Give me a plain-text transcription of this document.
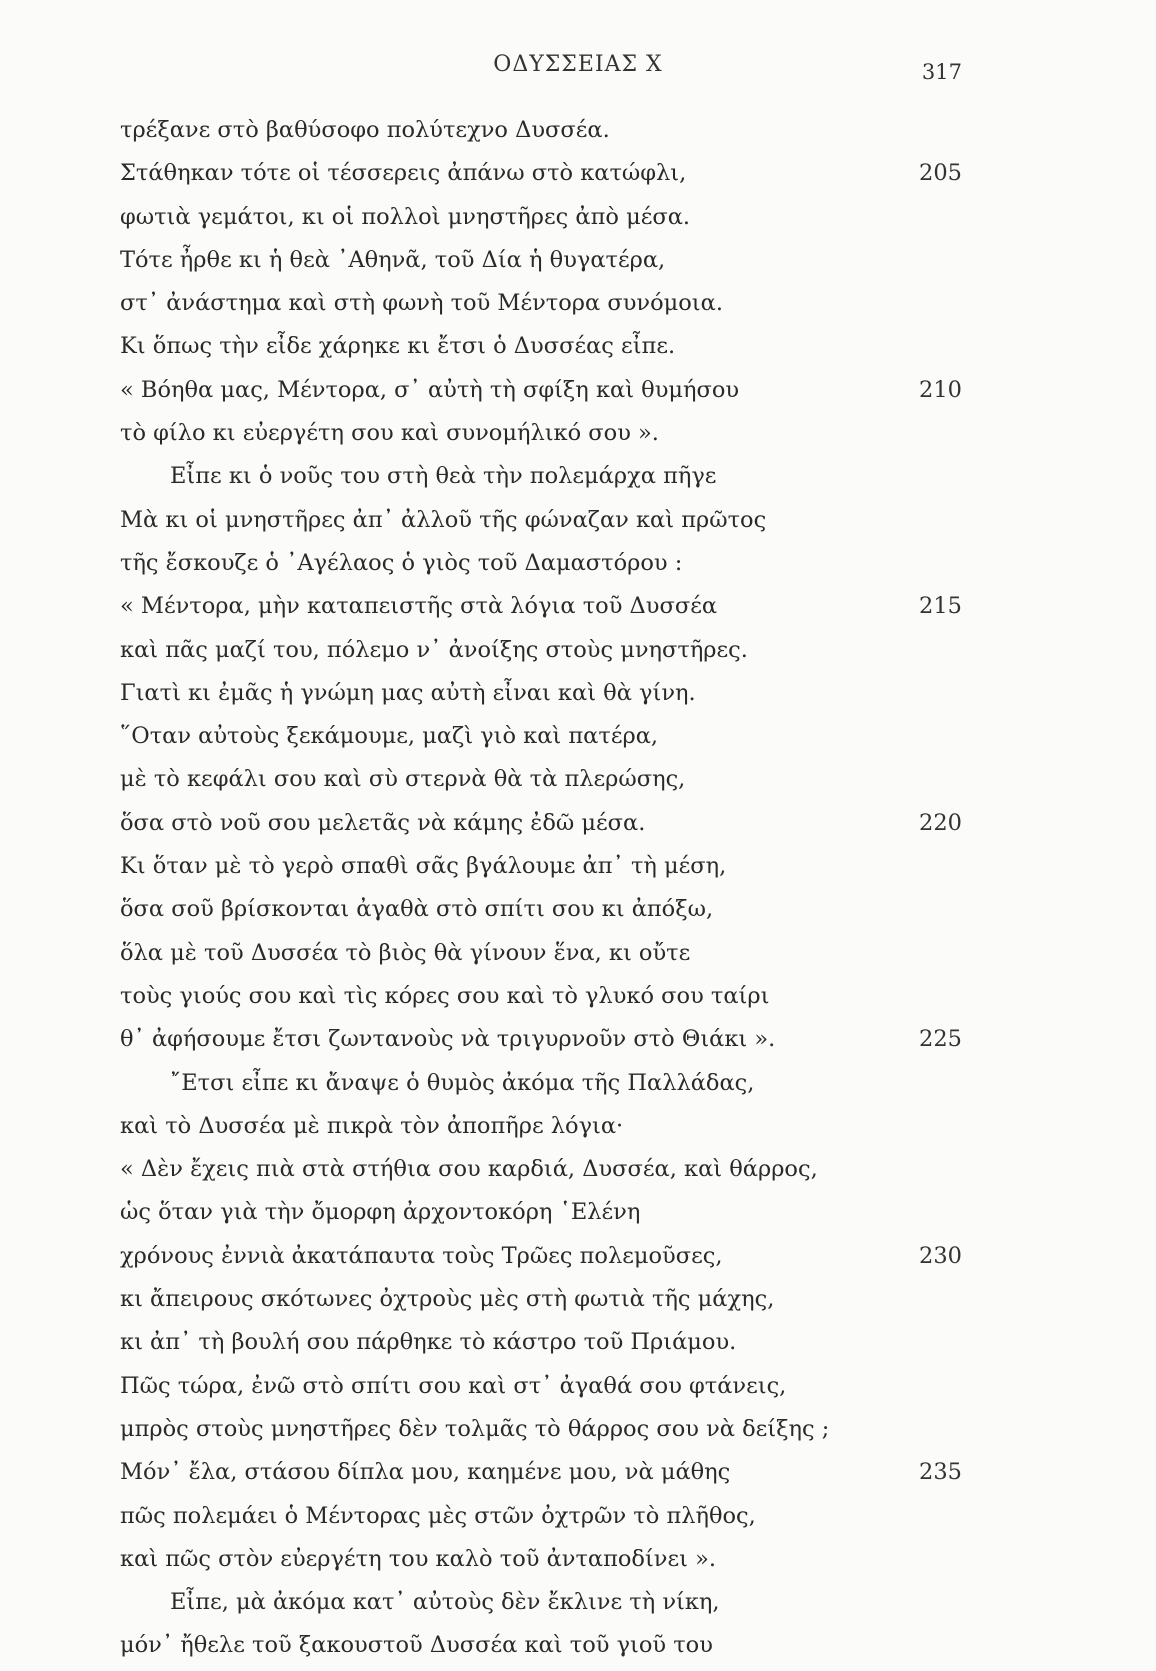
ΟΔΥΣΣΕΙΑΣ Χ	317
τρέξανε στὸ βαθύσοφο πολύτεχνο Δυσσέα.
Στάθηκαν τότε οἱ τέσσερεις ἀπάνω στὸ κατώφλι,	205
φωτιὰ γεμάτοι, κι οἱ πολλοὶ μνηστῆρες ἀπὸ μέσα.
Τότε ἦρθε κι ἡ θεὰ ᾿Αθηνᾶ, τοῦ Δία ἡ θυγατέρα,
στ᾿ ἀνάστημα καὶ στὴ φωνὴ τοῦ Μέντορα συνόμοια.
Κι ὅπως τὴν εἶδε χάρηκε κι ἔτσι ὁ Δυσσέας εἶπε.
« Βόηθα μας, Μέντορα, σ᾿ αὐτὴ τὴ σφίξη καὶ θυμήσου	210
τὸ φίλο κι εὐεργέτη σου καὶ συνομήλικό σου ».
Εἶπε κι ὁ νοῦς του στὴ θεὰ τὴν πολεμάρχα πῆγε
Μὰ κι οἱ μνηστῆρες ἀπ᾿ ἀλλοῦ τῆς φώναζαν καὶ πρῶτος
τῆς ἔσκουζε ὁ ᾿Αγέλαος ὁ γιὸς τοῦ Δαμαστόρου :
« Μέντορα, μὴν καταπειστῆς στὰ λόγια τοῦ Δυσσέα	215
καὶ πᾶς μαζί του, πόλεμο ν᾿ ἀνοίξης στοὺς μνηστῆρες.
Γιατὶ κι ἐμᾶς ἡ γνώμη μας αὐτὴ εἶναι καὶ θὰ γίνη.
῞Οταν αὐτοὺς ξεκάμουμε, μαζὶ γιὸ καὶ πατέρα,
μὲ τὸ κεφάλι σου καὶ σὺ στερνὰ θὰ τὰ πλερώσης,
ὅσα στὸ νοῦ σου μελετᾶς νὰ κάμης ἐδῶ μέσα.	220
Κι ὅταν μὲ τὸ γερὸ σπαθὶ σᾶς βγάλουμε ἀπ᾿ τὴ μέση,
ὅσα σοῦ βρίσκονται ἀγαθὰ στὸ σπίτι σου κι ἀπόξω,
ὅλα μὲ τοῦ Δυσσέα τὸ βιὸς θὰ γίνουν ἕνα, κι οὔτε
τοὺς γιούς σου καὶ τὶς κόρες σου καὶ τὸ γλυκό σου ταίρι
θ᾿ ἀφήσουμε ἔτσι ζωντανοὺς νὰ τριγυρνοῦν στὸ Θιάκι ».	225
῎Ετσι εἶπε κι ἄναψε ὁ θυμὸς ἀκόμα τῆς Παλλάδας,
καὶ τὸ Δυσσέα μὲ πικρὰ τὸν ἀποπῆρε λόγια·
« Δὲν ἔχεις πιὰ στὰ στήθια σου καρδιά, Δυσσέα, καὶ θάρρος,
ὡς ὅταν γιὰ τὴν ὄμορφη ἀρχοντοκόρη ῾Ελένη
χρόνους ἐννιὰ ἀκατάπαυτα τοὺς Τρῶες πολεμοῦσες,	230
κι ἄπειρους σκότωνες ὀχτροὺς μὲς στὴ φωτιὰ τῆς μάχης,
κι ἀπ᾿ τὴ βουλή σου πάρθηκε τὸ κάστρο τοῦ Πριάμου.
Πῶς τώρα, ἐνῶ στὸ σπίτι σου καὶ στ᾿ ἀγαθά σου φτάνεις,
μπρὸς στοὺς μνηστῆρες δὲν τολμᾶς τὸ θάρρος σου νὰ δείξης ;
Μόν᾿ ἔλα, στάσου δίπλα μου, καημένε μου, νὰ μάθης	235
πῶς πολεμάει ὁ Μέντορας μὲς στῶν ὀχτρῶν τὸ πλῆθος,
καὶ πῶς στὸν εὐεργέτη του καλὸ τοῦ ἀνταποδίνει ».
Εἶπε, μὰ ἀκόμα κατ᾿ αὐτοὺς δὲν ἔκλινε τὴ νίκη,
μόν᾿ ἤθελε τοῦ ξακουστοῦ Δυσσέα καὶ τοῦ γιοῦ του
